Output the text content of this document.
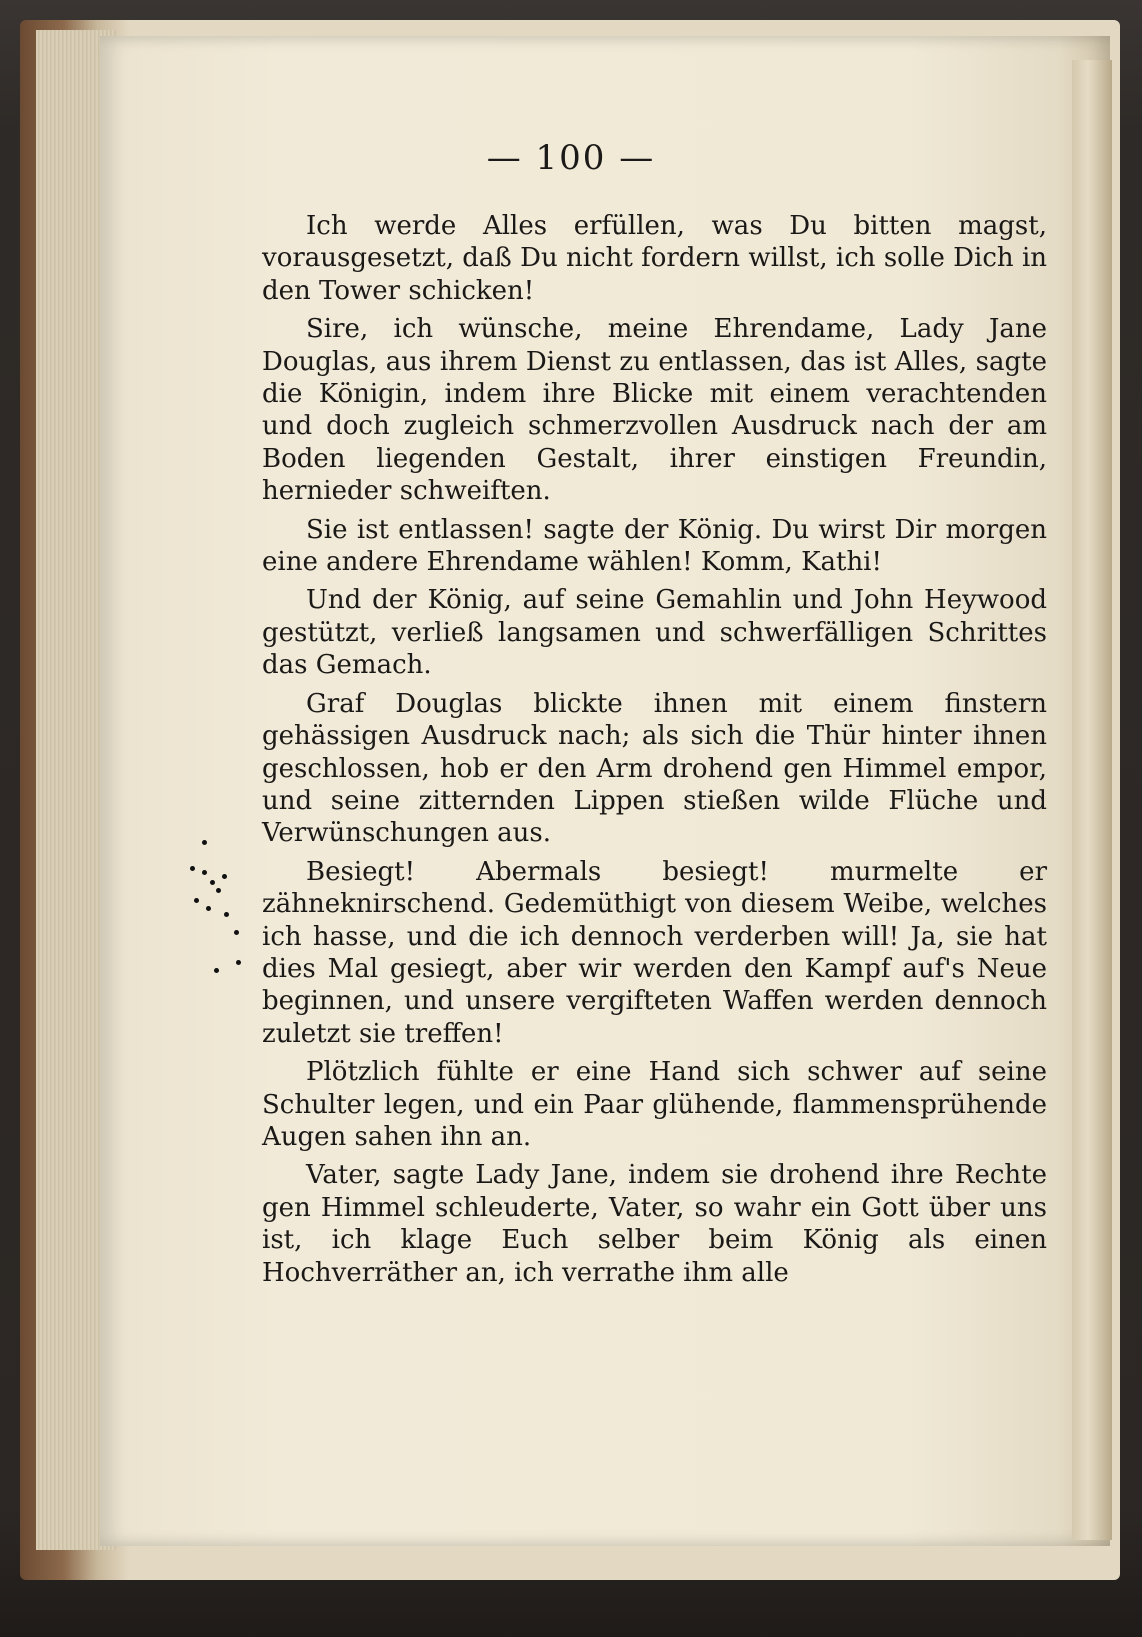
— 100 —

Ich werde Alles erfüllen, was Du bitten magst, vorausgesetzt, daß Du nicht fordern willst, ich solle Dich in den Tower schicken!

Sire, ich wünsche, meine Ehrendame, Lady Jane Douglas, aus ihrem Dienst zu entlassen, das ist Alles, sagte die Königin, indem ihre Blicke mit einem verachtenden und doch zugleich schmerzvollen Ausdruck nach der am Boden liegenden Gestalt, ihrer einstigen Freundin, hernieder schweiften.

Sie ist entlassen! sagte der König. Du wirst Dir morgen eine andere Ehrendame wählen! Komm, Kathi!

Und der König, auf seine Gemahlin und John Heywood gestützt, verließ langsamen und schwerfälligen Schrittes das Gemach.

Graf Douglas blickte ihnen mit einem finstern gehässigen Ausdruck nach; als sich die Thür hinter ihnen geschlossen, hob er den Arm drohend gen Himmel empor, und seine zitternden Lippen stießen wilde Flüche und Verwünschungen aus.

Besiegt! Abermals besiegt! murmelte er zähneknirschend. Gedemüthigt von diesem Weibe, welches ich hasse, und die ich dennoch verderben will! Ja, sie hat dies Mal gesiegt, aber wir werden den Kampf auf's Neue beginnen, und unsere vergifteten Waffen werden dennoch zuletzt sie treffen!

Plötzlich fühlte er eine Hand sich schwer auf seine Schulter legen, und ein Paar glühende, flammensprühende Augen sahen ihn an.

Vater, sagte Lady Jane, indem sie drohend ihre Rechte gen Himmel schleuderte, Vater, so wahr ein Gott über uns ist, ich klage Euch selber beim König als einen Hochverräther an, ich verrathe ihm alle
